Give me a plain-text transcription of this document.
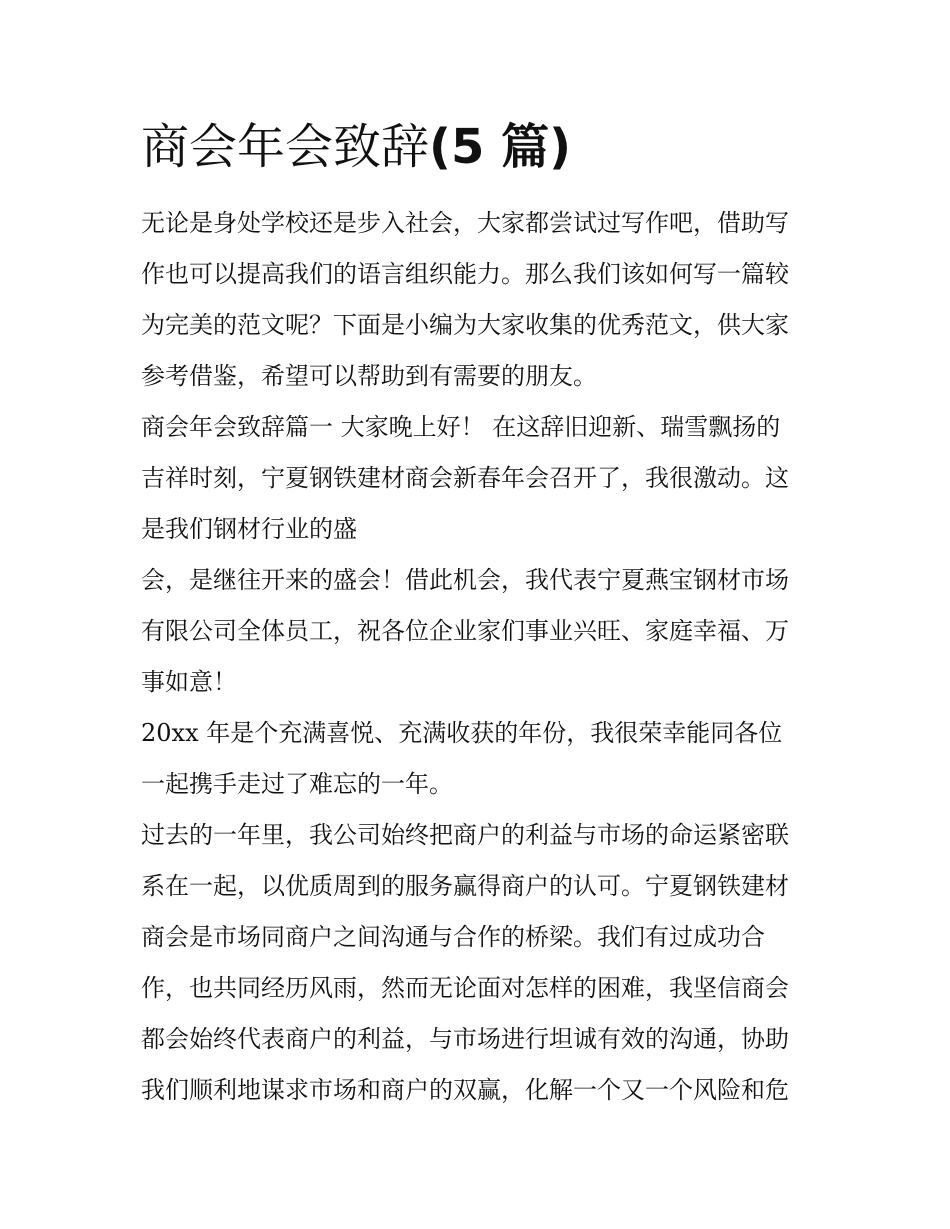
商会年会致辞(5 篇)
无论是身处学校还是步入社会，大家都尝试过写作吧，借助写
作也可以提高我们的语言组织能力。那么我们该如何写一篇较
为完美的范文呢？下面是小编为大家收集的优秀范文，供大家
参考借鉴，希望可以帮助到有需要的朋友。
商会年会致辞篇一 大家晚上好！ 在这辞旧迎新、瑞雪飘扬的
吉祥时刻，宁夏钢铁建材商会新春年会召开了，我很激动。这
是我们钢材行业的盛
会，是继往开来的盛会！借此机会，我代表宁夏燕宝钢材市场
有限公司全体员工，祝各位企业家们事业兴旺、家庭幸福、万
事如意！
20xx 年是个充满喜悦、充满收获的年份，我很荣幸能同各位
一起携手走过了难忘的一年。
过去的一年里，我公司始终把商户的利益与市场的命运紧密联
系在一起，以优质周到的服务赢得商户的认可。宁夏钢铁建材
商会是市场同商户之间沟通与合作的桥梁。我们有过成功合
作，也共同经历风雨，然而无论面对怎样的困难，我坚信商会
都会始终代表商户的利益，与市场进行坦诚有效的沟通，协助
我们顺利地谋求市场和商户的双赢，化解一个又一个风险和危
